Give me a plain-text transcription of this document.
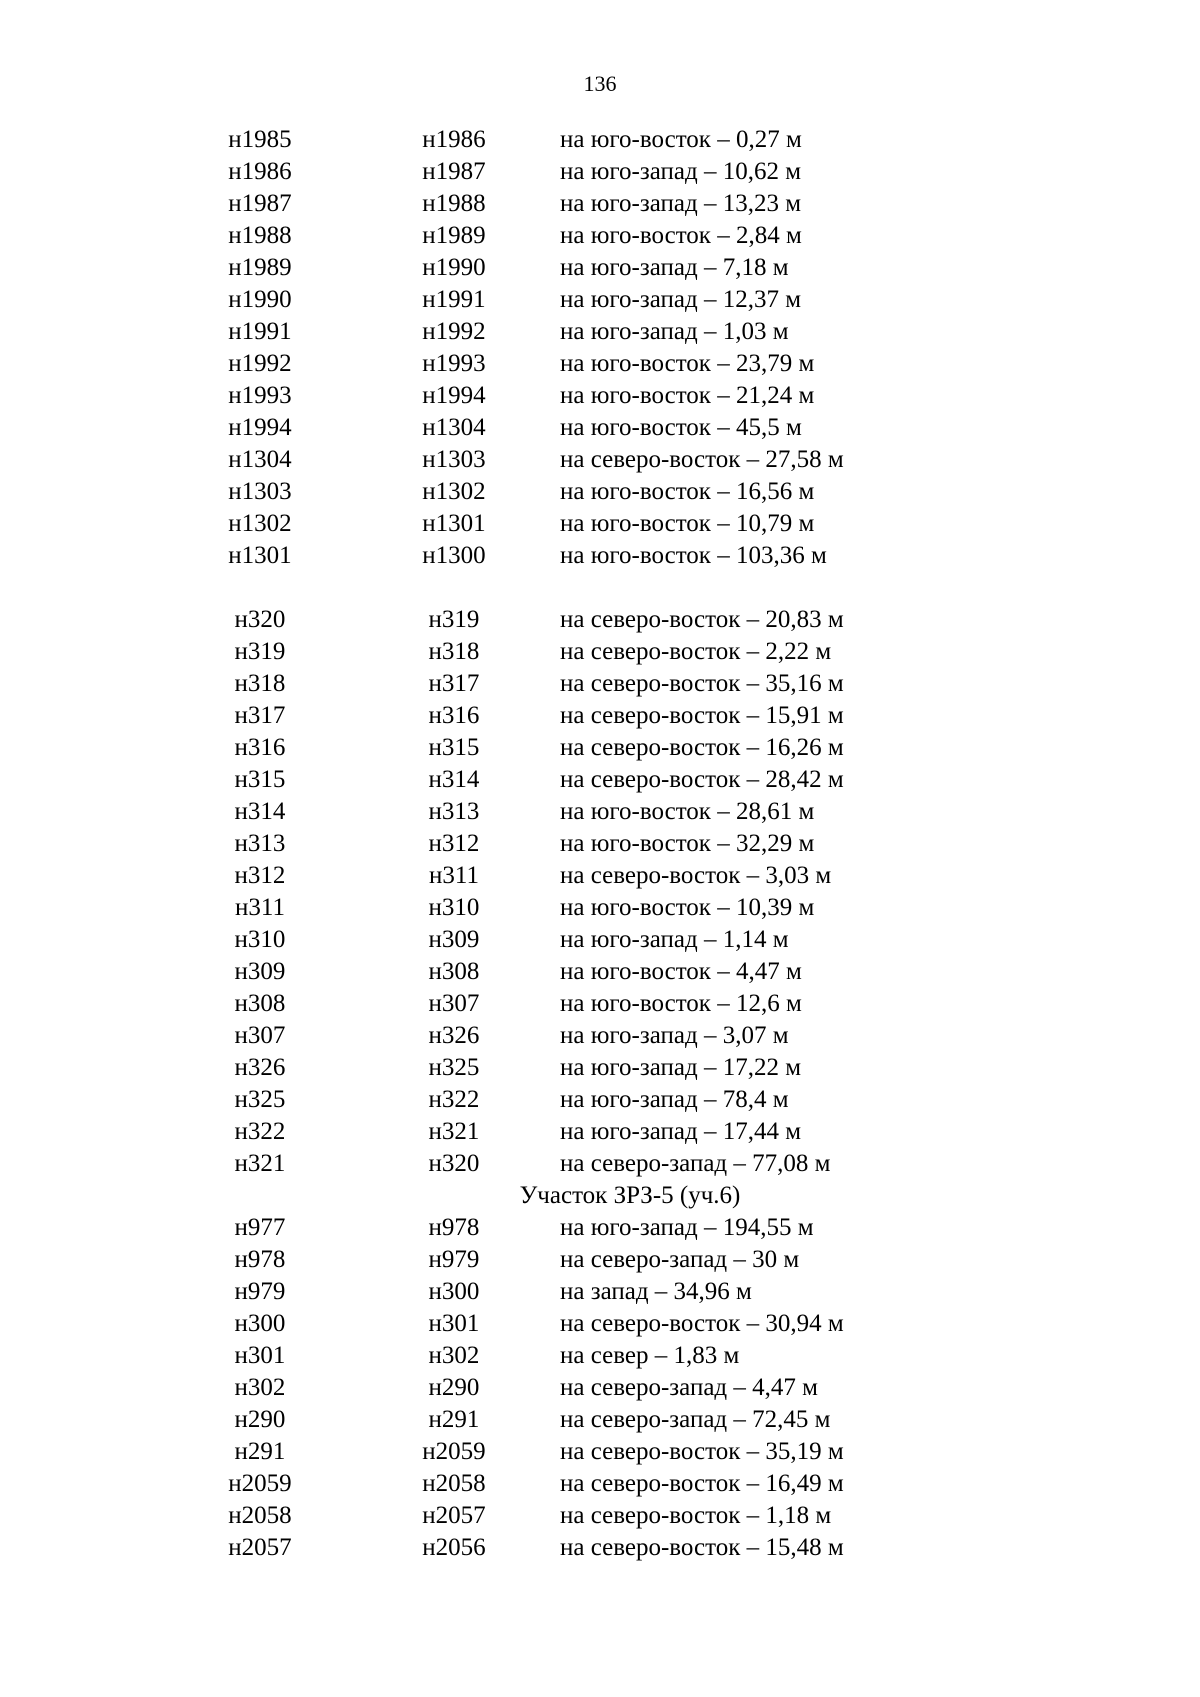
136
н1985	н1986	на юго-восток – 0,27 м
н1986	н1987	на юго-запад – 10,62 м
н1987	н1988	на юго-запад – 13,23 м
н1988	н1989	на юго-восток – 2,84 м
н1989	н1990	на юго-запад – 7,18 м
н1990	н1991	на юго-запад – 12,37 м
н1991	н1992	на юго-запад – 1,03 м
н1992	н1993	на юго-восток – 23,79 м
н1993	н1994	на юго-восток – 21,24 м
н1994	н1304	на юго-восток – 45,5 м
н1304	н1303	на северо-восток – 27,58 м
н1303	н1302	на юго-восток – 16,56 м
н1302	н1301	на юго-восток – 10,79 м
н1301	н1300	на юго-восток – 103,36 м
н320	н319	на северо-восток – 20,83 м
н319	н318	на северо-восток – 2,22 м
н318	н317	на северо-восток – 35,16 м
н317	н316	на северо-восток – 15,91 м
н316	н315	на северо-восток – 16,26 м
н315	н314	на северо-восток – 28,42 м
н314	н313	на юго-восток – 28,61 м
н313	н312	на юго-восток – 32,29 м
н312	н311	на северо-восток – 3,03 м
н311	н310	на юго-восток – 10,39 м
н310	н309	на юго-запад – 1,14 м
н309	н308	на юго-восток – 4,47 м
н308	н307	на юго-восток – 12,6 м
н307	н326	на юго-запад – 3,07 м
н326	н325	на юго-запад – 17,22 м
н325	н322	на юго-запад – 78,4 м
н322	н321	на юго-запад – 17,44 м
н321	н320	на северо-запад – 77,08 м
Участок ЗРЗ-5 (уч.6)
н977	н978	на юго-запад – 194,55 м
н978	н979	на северо-запад – 30 м
н979	н300	на запад – 34,96 м
н300	н301	на северо-восток – 30,94 м
н301	н302	на север – 1,83 м
н302	н290	на северо-запад – 4,47 м
н290	н291	на северо-запад – 72,45 м
н291	н2059	на северо-восток – 35,19 м
н2059	н2058	на северо-восток – 16,49 м
н2058	н2057	на северо-восток – 1,18 м
н2057	н2056	на северо-восток – 15,48 м
